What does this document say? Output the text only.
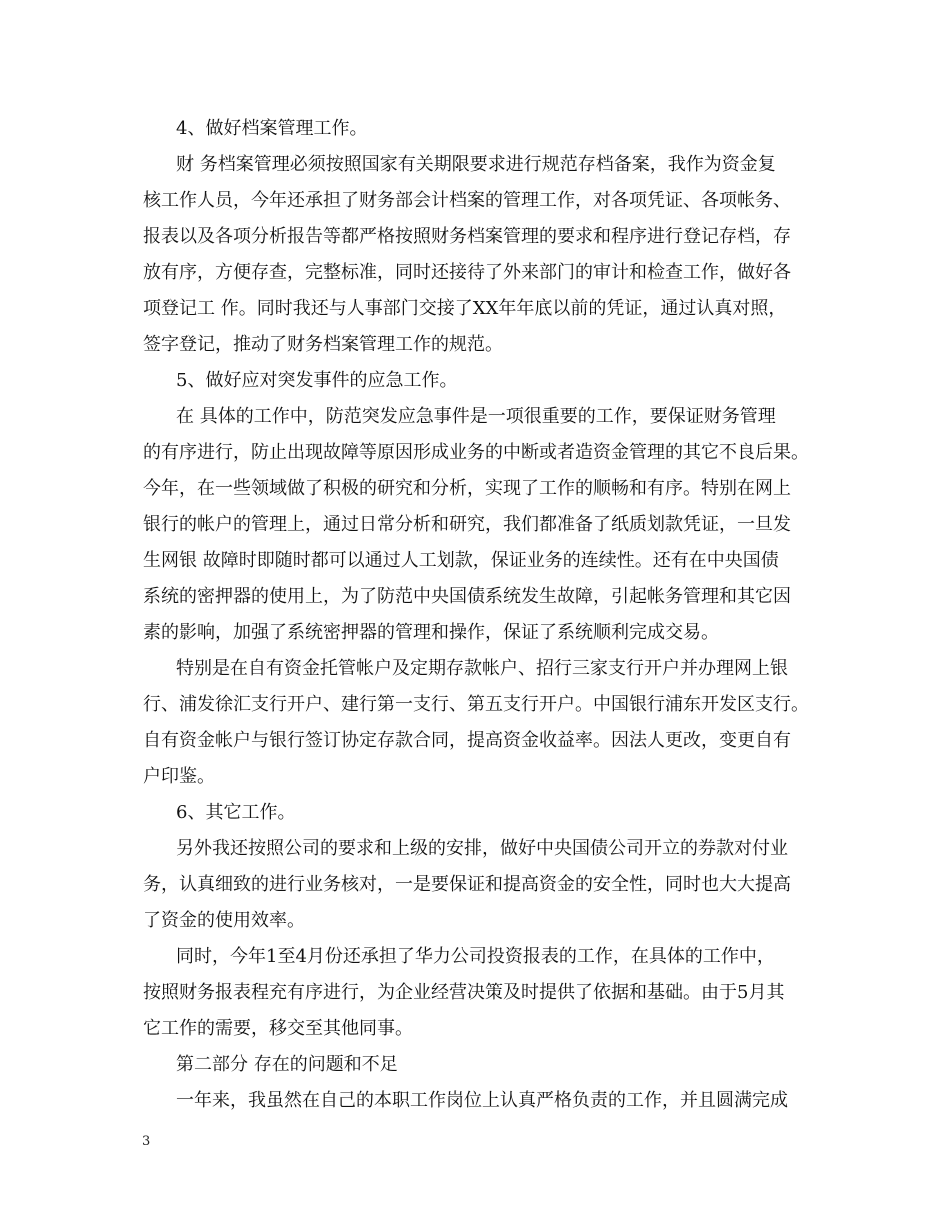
4、做好档案管理工作。
财 务档案管理必须按照国家有关期限要求进行规范存档备案，我作为资金复
核工作人员，今年还承担了财务部会计档案的管理工作，对各项凭证、各项帐务、
报表以及各项分析报告等都严格按照财务档案管理的要求和程序进行登记存档，存
放有序，方便存查，完整标准，同时还接待了外来部门的审计和检查工作，做好各
项登记工 作。同时我还与人事部门交接了XX年年底以前的凭证，通过认真对照，
签字登记，推动了财务档案管理工作的规范。
5、做好应对突发事件的应急工作。
在 具体的工作中，防范突发应急事件是一项很重要的工作，要保证财务管理
的有序进行，防止出现故障等原因形成业务的中断或者造资金管理的其它不良后果。
今年，在一些领域做了积极的研究和分析，实现了工作的顺畅和有序。特别在网上
银行的帐户的管理上，通过日常分析和研究，我们都准备了纸质划款凭证，一旦发
生网银 故障时即随时都可以通过人工划款，保证业务的连续性。还有在中央国债
系统的密押器的使用上，为了防范中央国债系统发生故障，引起帐务管理和其它因
素的影响，加强了系统密押器的管理和操作，保证了系统顺利完成交易。
特别是在自有资金托管帐户及定期存款帐户、招行三家支行开户并办理网上银
行、浦发徐汇支行开户、建行第一支行、第五支行开户。中国银行浦东开发区支行。
自有资金帐户与银行签订协定存款合同，提高资金收益率。因法人更改，变更自有
户印鉴。
6、其它工作。
另外我还按照公司的要求和上级的安排，做好中央国债公司开立的券款对付业
务，认真细致的进行业务核对，一是要保证和提高资金的安全性，同时也大大提高
了资金的使用效率。
同时，今年1至4月份还承担了华力公司投资报表的工作，在具体的工作中，
按照财务报表程充有序进行，为企业经营决策及时提供了依据和基础。由于5月其
它工作的需要，移交至其他同事。
第二部分 存在的问题和不足
一年来，我虽然在自己的本职工作岗位上认真严格负责的工作，并且圆满完成
3
